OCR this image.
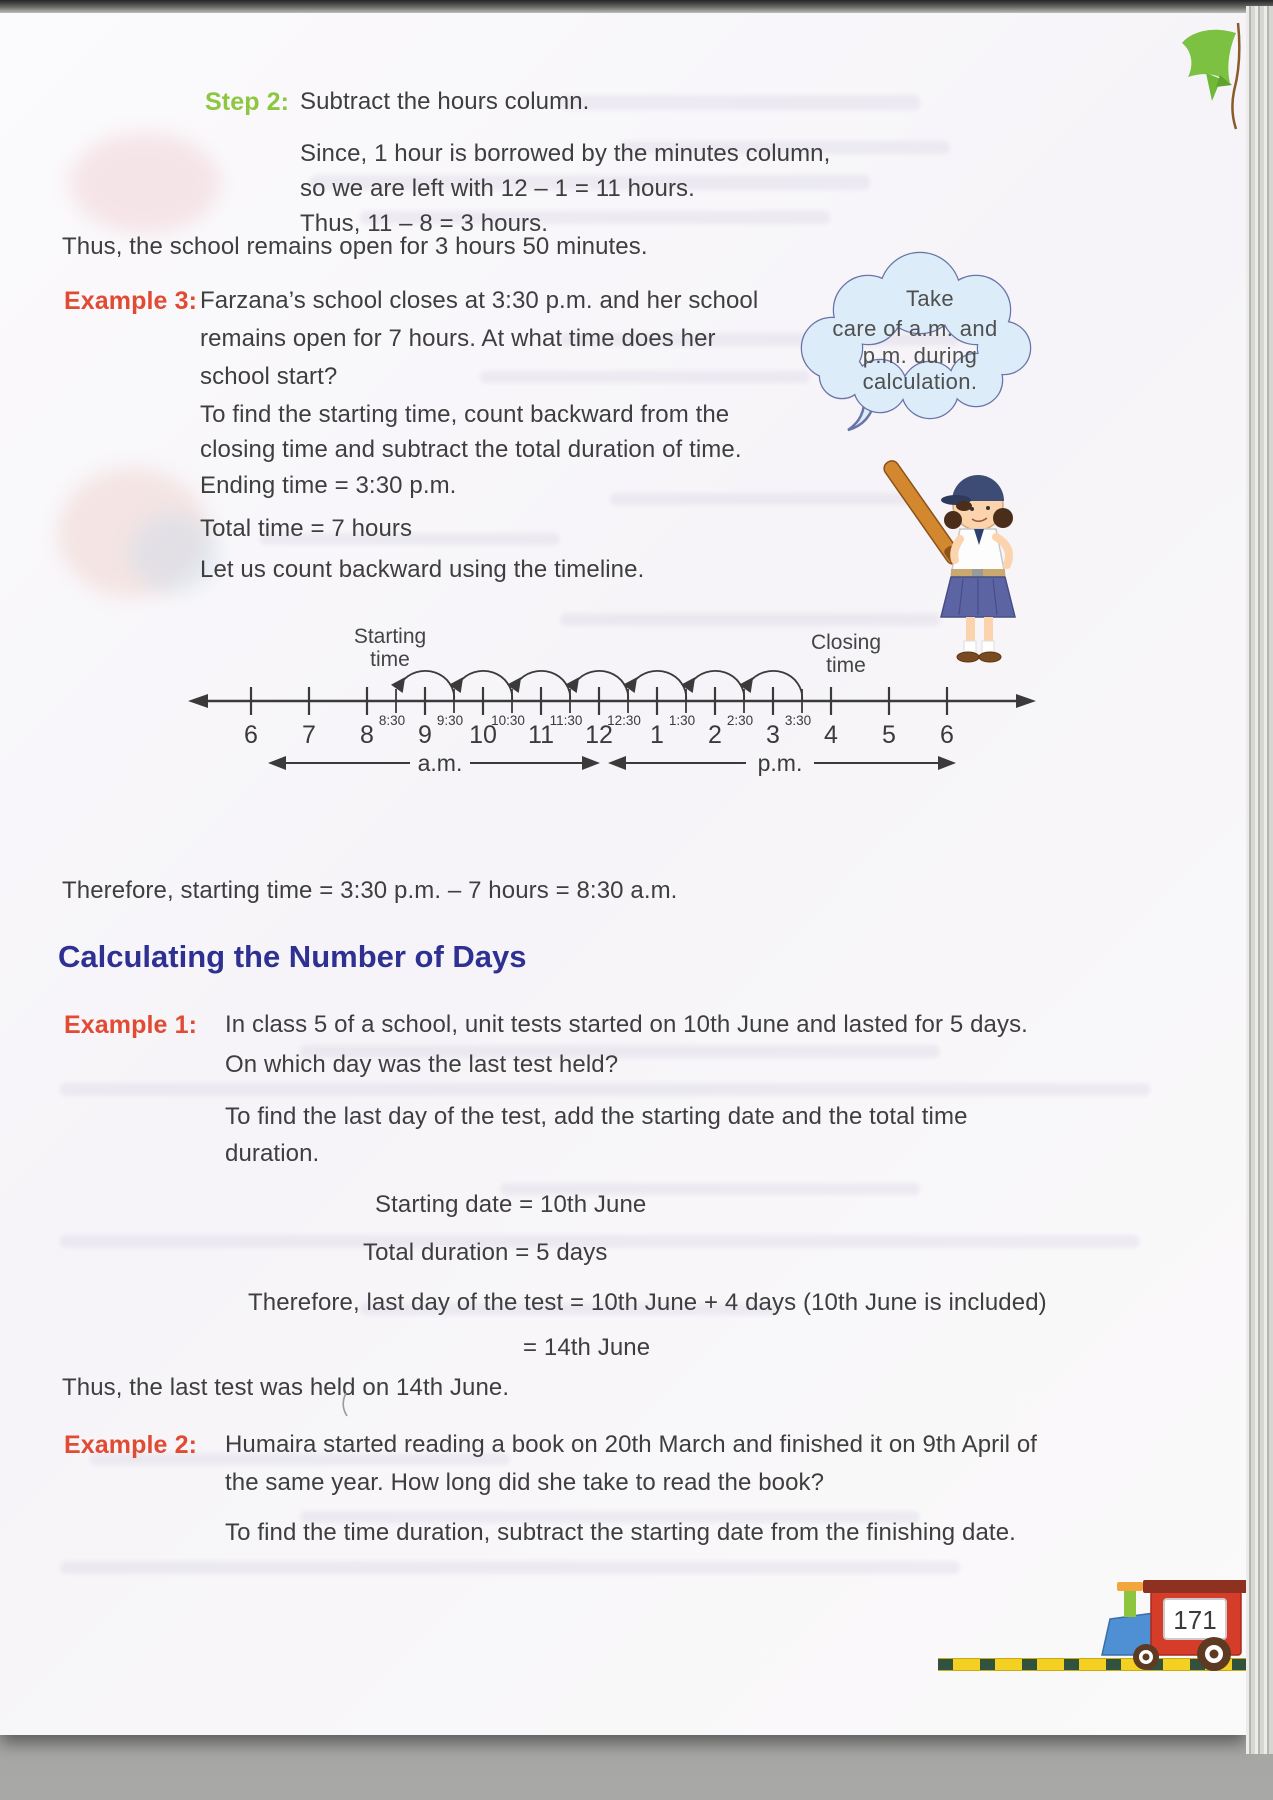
Step 2: Subtract the hours column.
Since, 1 hour is borrowed by the minutes column,
so we are left with 12 – 1 = 11 hours.
Thus, 11 – 8 = 3 hours.
Thus, the school remains open for 3 hours 50 minutes.
Example 3: Farzana’s school closes at 3:30 p.m. and her school
remains open for 7 hours. At what time does her
school start?
To find the starting time, count backward from the
closing time and subtract the total duration of time.
Ending time = 3:30 p.m.
Total time = 7 hours
Let us count backward using the timeline.
Take
care of a.m. and
p.m. during
calculation.
6 7 8 9 10 11 12 1 2 3 4 5 6
8:30 9:30 10:30 11:30 12:30 1:30 2:30 3:30
Starting
time
Closing
time
a.m.	p.m.
Therefore, starting time = 3:30 p.m. – 7 hours = 8:30 a.m.
Calculating the Number of Days
Example 1: In class 5 of a school, unit tests started on 10th June and lasted for 5 days.
On which day was the last test held?
To find the last day of the test, add the starting date and the total time
duration.
Starting date = 10th June
Total duration = 5 days
Therefore, last day of the test = 10th June + 4 days (10th June is included)
= 14th June
Thus, the last test was held on 14th June.
Example 2: Humaira started reading a book on 20th March and finished it on 9th April of
the same year. How long did she take to read the book?
To find the time duration, subtract the starting date from the finishing date.
171
